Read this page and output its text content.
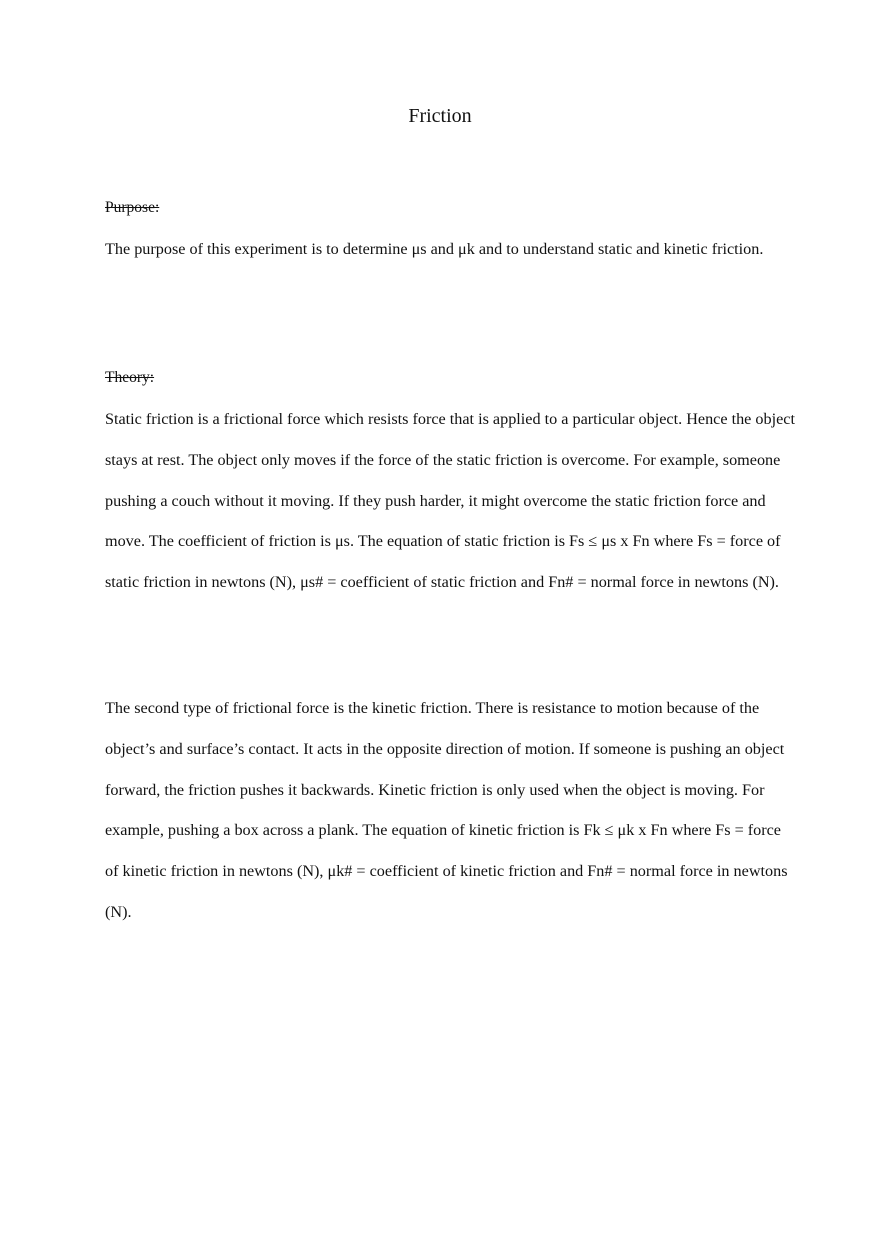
Friction
Purpose:

The purpose of this experiment is to determine μs and μk and to understand static and kinetic friction.

Theory:

Static friction is a frictional force which resists force that is applied to a particular object. Hence the object stays at rest. The object only moves if the force of the static friction is overcome. For example, someone pushing a couch without it moving. If they push harder, it might overcome the static friction force and move. The coefficient of friction is μs. The equation of static friction is Fs ≤ μs x Fn where Fs = force of static friction in newtons (N), μs# = coefficient of static friction and Fn# = normal force in newtons (N).

The second type of frictional force is the kinetic friction. There is resistance to motion because of the object’s and surface’s contact. It acts in the opposite direction of motion. If someone is pushing an object forward, the friction pushes it backwards. Kinetic friction is only used when the object is moving. For example, pushing a box across a plank. The equation of kinetic friction is Fk ≤ μk x Fn where Fs = force of kinetic friction in newtons (N), μk# = coefficient of kinetic friction and Fn# = normal force in newtons (N).
